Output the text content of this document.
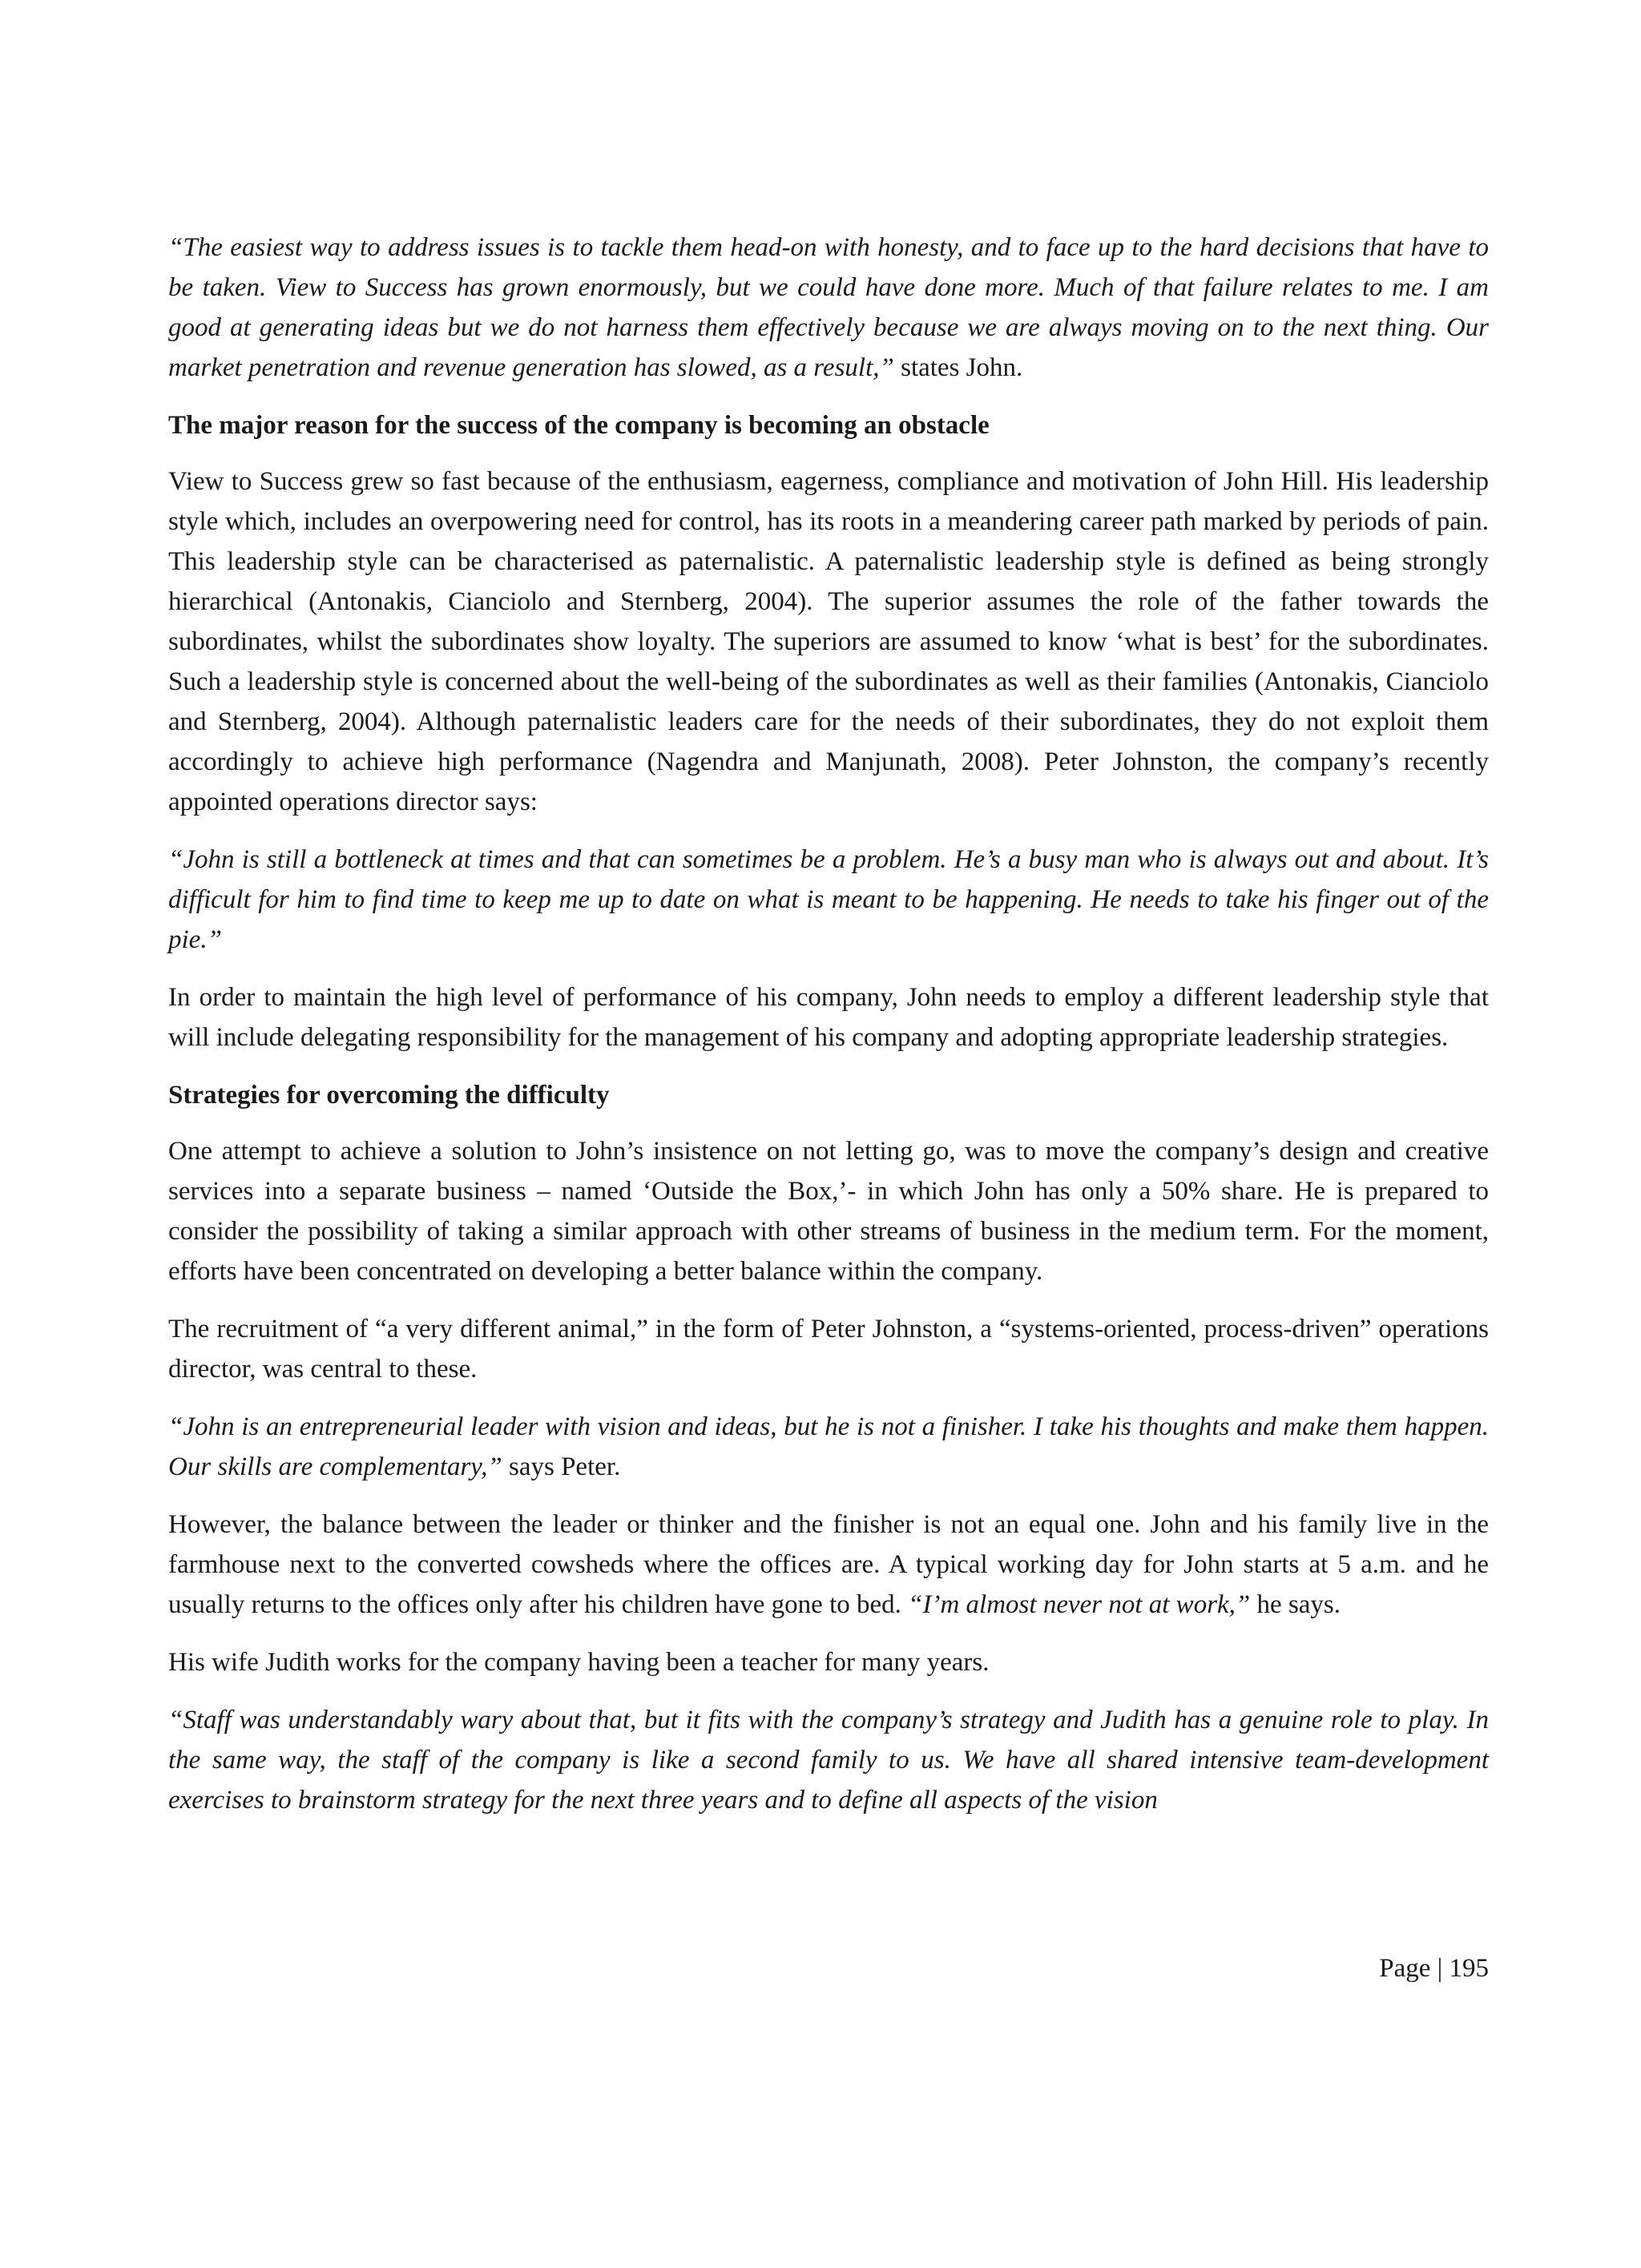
“The easiest way to address issues is to tackle them head-on with honesty, and to face up to the hard decisions that have to be taken. View to Success has grown enormously, but we could have done more. Much of that failure relates to me. I am good at generating ideas but we do not harness them effectively because we are always moving on to the next thing. Our market penetration and revenue generation has slowed, as a result,” states John.

The major reason for the success of the company is becoming an obstacle

View to Success grew so fast because of the enthusiasm, eagerness, compliance and motivation of John Hill. His leadership style which, includes an overpowering need for control, has its roots in a meandering career path marked by periods of pain. This leadership style can be characterised as paternalistic. A paternalistic leadership style is defined as being strongly hierarchical (Antonakis, Cianciolo and Sternberg, 2004). The superior assumes the role of the father towards the subordinates, whilst the subordinates show loyalty. The superiors are assumed to know ‘what is best’ for the subordinates. Such a leadership style is concerned about the well-being of the subordinates as well as their families (Antonakis, Cianciolo and Sternberg, 2004). Although paternalistic leaders care for the needs of their subordinates, they do not exploit them accordingly to achieve high performance (Nagendra and Manjunath, 2008). Peter Johnston, the company’s recently appointed operations director says:

“John is still a bottleneck at times and that can sometimes be a problem. He’s a busy man who is always out and about. It’s difficult for him to find time to keep me up to date on what is meant to be happening. He needs to take his finger out of the pie.”

In order to maintain the high level of performance of his company, John needs to employ a different leadership style that will include delegating responsibility for the management of his company and adopting appropriate leadership strategies.

Strategies for overcoming the difficulty

One attempt to achieve a solution to John’s insistence on not letting go, was to move the company’s design and creative services into a separate business – named ‘Outside the Box,’- in which John has only a 50% share. He is prepared to consider the possibility of taking a similar approach with other streams of business in the medium term. For the moment, efforts have been concentrated on developing a better balance within the company.

The recruitment of “a very different animal,” in the form of Peter Johnston, a “systems-oriented, process-driven” operations director, was central to these.

“John is an entrepreneurial leader with vision and ideas, but he is not a finisher. I take his thoughts and make them happen. Our skills are complementary,” says Peter.

However, the balance between the leader or thinker and the finisher is not an equal one. John and his family live in the farmhouse next to the converted cowsheds where the offices are. A typical working day for John starts at 5 a.m. and he usually returns to the offices only after his children have gone to bed. “I’m almost never not at work,” he says.

His wife Judith works for the company having been a teacher for many years.

“Staff was understandably wary about that, but it fits with the company’s strategy and Judith has a genuine role to play. In the same way, the staff of the company is like a second family to us. We have all shared intensive team-development exercises to brainstorm strategy for the next three years and to define all aspects of the vision

Page | 195
